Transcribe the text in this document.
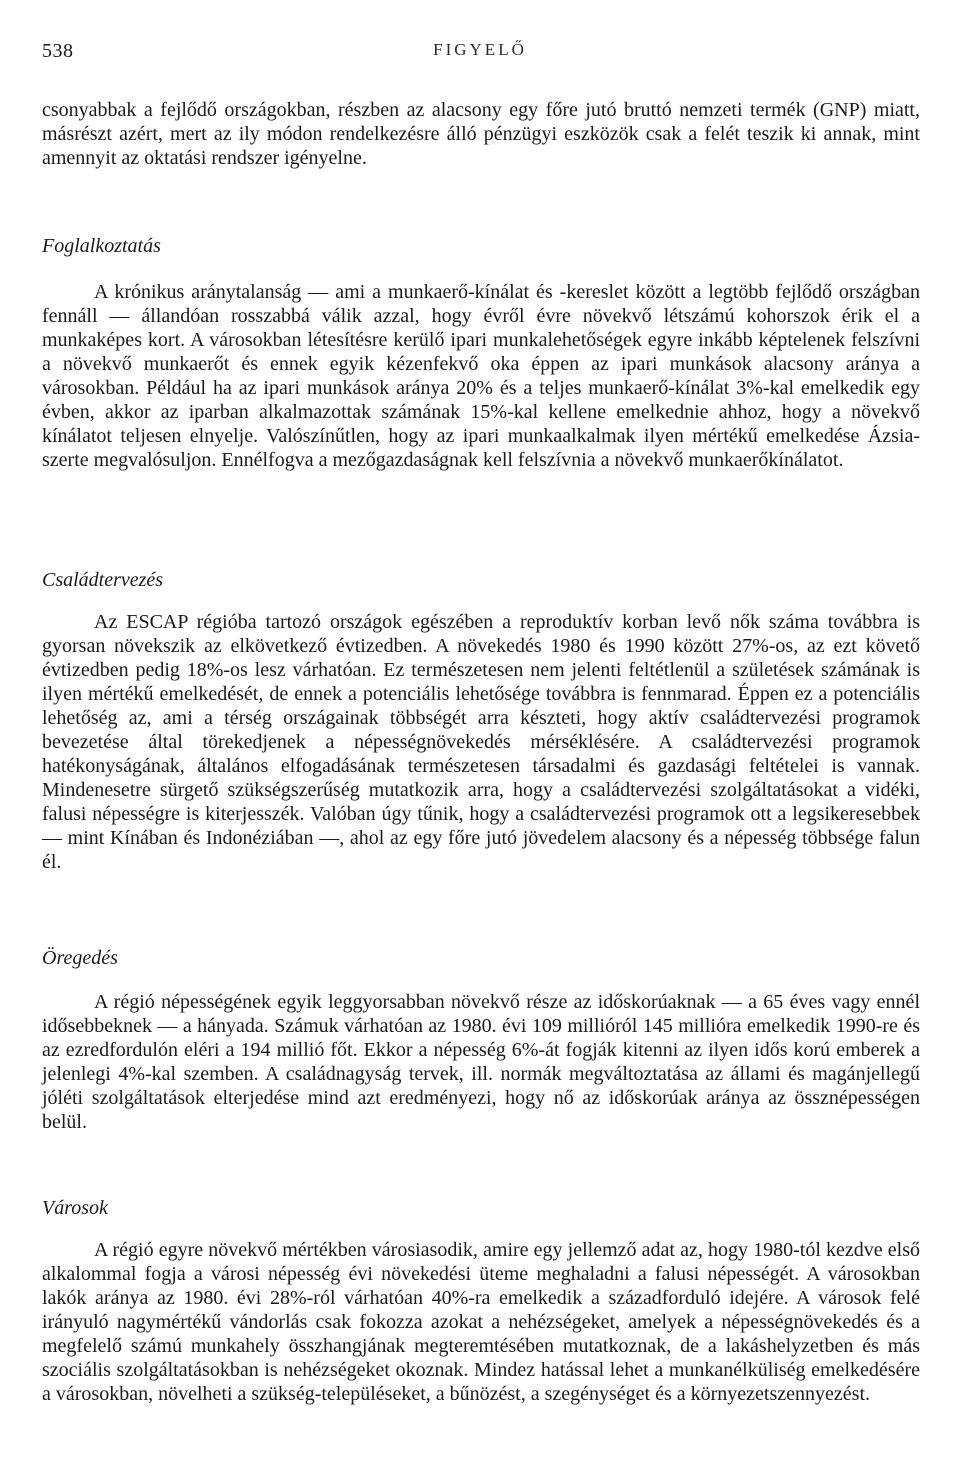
538	FIGYELŐ

csonyabbak a fejlődő országokban, részben az alacsony egy főre jutó bruttó nemzeti termék (GNP) miatt, másrészt azért, mert az ily módon rendelkezésre álló pénzügyi eszközök csak a felét teszik ki annak, mint amennyit az oktatási rendszer igényelne.

Foglalkoztatás

A krónikus aránytalanság — ami a munkaerő-kínálat és -kereslet között a legtöbb fejlődő országban fennáll — állandóan rosszabbá válik azzal, hogy évről évre növekvő létszámú kohorszok érik el a munkaképes kort. A városokban létesítésre kerülő ipari munkalehetőségek egyre inkább képtelenek felszívni a növekvő munkaerőt és ennek egyik kézenfekvő oka éppen az ipari munkások alacsony aránya a városokban. Például ha az ipari munkások aránya 20% és a teljes munkaerő-kínálat 3%-kal emelkedik egy évben, akkor az iparban alkalmazottak számának 15%-kal kellene emelkednie ahhoz, hogy a növekvő kínálatot teljesen elnyelje. Valószínűtlen, hogy az ipari munkaalkalmak ilyen mértékű emelkedése Ázsia-szerte megvalósuljon. Ennélfogva a mezőgazdaságnak kell felszívnia a növekvő munkaerőkínálatot.

Családtervezés

Az ESCAP régióba tartozó országok egészében a reproduktív korban levő nők száma továbbra is gyorsan növekszik az elkövetkező évtizedben. A növekedés 1980 és 1990 között 27%-os, az ezt követő évtizedben pedig 18%-os lesz várhatóan. Ez természetesen nem jelenti feltétlenül a születések számának is ilyen mértékű emelkedését, de ennek a potenciális lehetősége továbbra is fennmarad. Éppen ez a potenciális lehetőség az, ami a térség országainak többségét arra készteti, hogy aktív családtervezési programok bevezetése által törekedjenek a népességnövekedés mérséklésére. A családtervezési programok hatékonyságának, általános elfogadásának természetesen társadalmi és gazdasági feltételei is vannak. Mindenesetre sürgető szükségszerűség mutatkozik arra, hogy a családtervezési szolgáltatásokat a vidéki, falusi népességre is kiterjesszék. Valóban úgy tűnik, hogy a családtervezési programok ott a legsikeresebbek — mint Kínában és Indonéziában —, ahol az egy főre jutó jövedelem alacsony és a népesség többsége falun él.

Öregedés

A régió népességének egyik leggyorsabban növekvő része az időskorúaknak — a 65 éves vagy ennél idősebbeknek — a hányada. Számuk várhatóan az 1980. évi 109 millióról 145 millióra emelkedik 1990-re és az ezredfordulón eléri a 194 millió főt. Ekkor a népesség 6%-át fogják kitenni az ilyen idős korú emberek a jelenlegi 4%-kal szemben. A családnagyság tervek, ill. normák megváltoztatása az állami és magánjellegű jóléti szolgáltatások elterjedése mind azt eredményezi, hogy nő az időskorúak aránya az össznépességen belül.

Városok

A régió egyre növekvő mértékben városiasodik, amire egy jellemző adat az, hogy 1980-tól kezdve első alkalommal fogja a városi népesség évi növekedési üteme meghaladni a falusi népességét. A városokban lakók aránya az 1980. évi 28%-ról várhatóan 40%-ra emelkedik a századforduló idejére. A városok felé irányuló nagymértékű vándorlás csak fokozza azokat a nehézségeket, amelyek a népességnövekedés és a megfelelő számú munkahely összhangjának megteremtésében mutatkoznak, de a lakáshelyzetben és más szociális szolgáltatásokban is nehézségeket okoznak. Mindez hatással lehet a munkanélküliség emelkedésére a városokban, növelheti a szükség-településeket, a bűnözést, a szegénységet és a környezetszennyezést.
